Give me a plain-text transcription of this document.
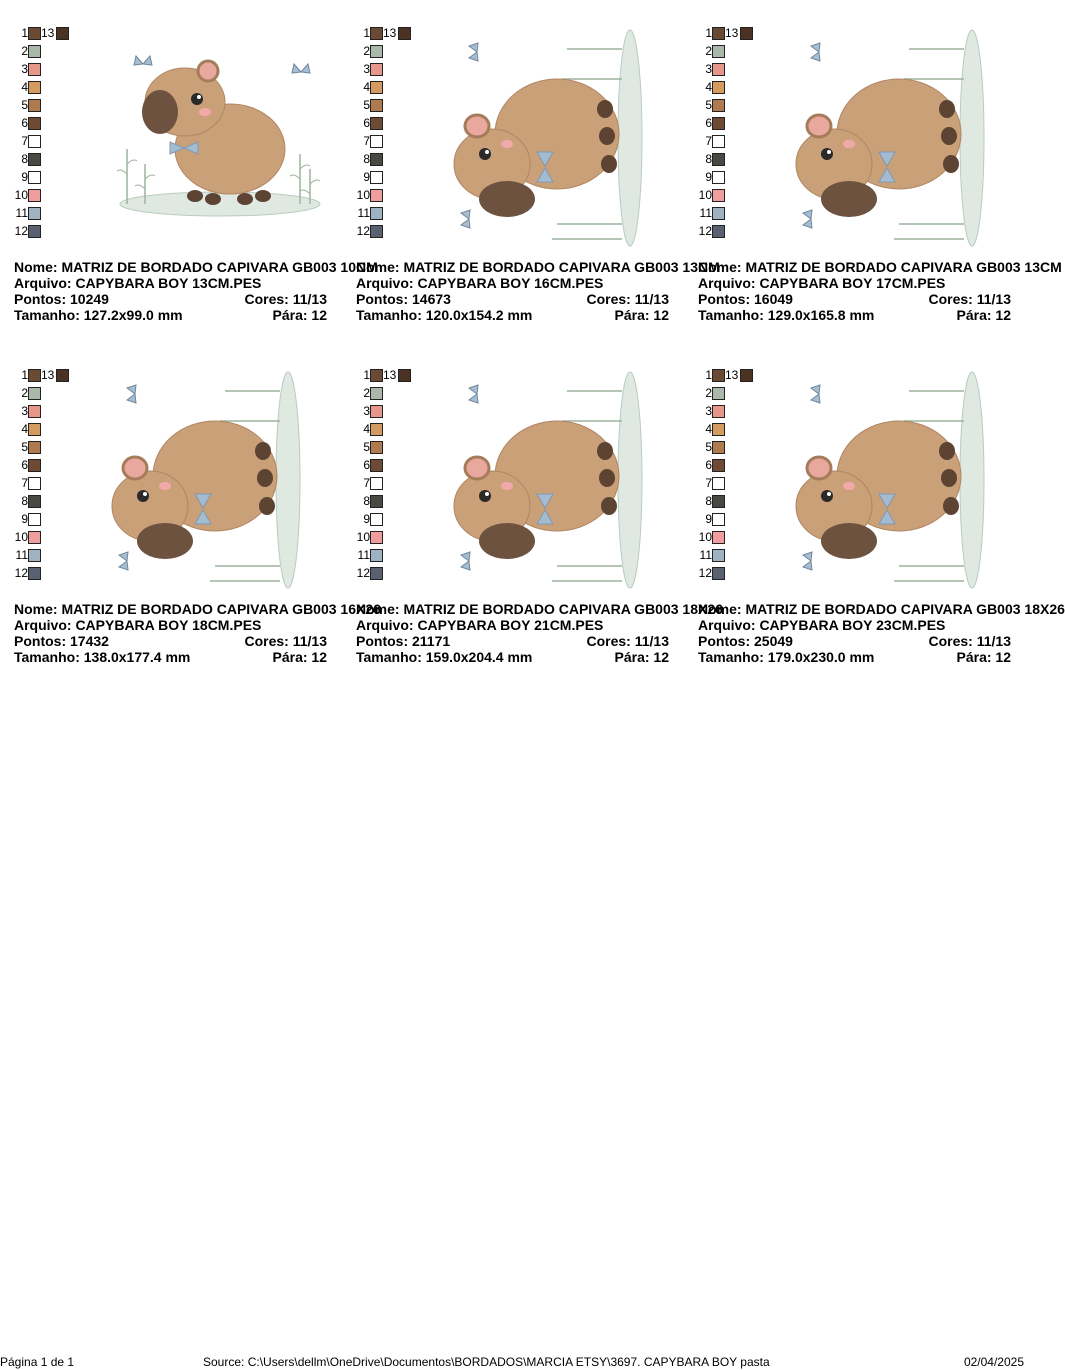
1 13
2
3
4
5
6
7
8
9
10
11
12
Nome: MATRIZ DE BORDADO CAPIVARA GB003 10CM
Arquivo: CAPYBARA BOY 13CM.PES
Pontos: 10249	Cores: 11/13
Tamanho: 127.2x99.0 mm	Pára: 12
1 13
2
3
4
5
6
7
8
9
10
11
12
Nome: MATRIZ DE BORDADO CAPIVARA GB003 13CM
Arquivo: CAPYBARA BOY 16CM.PES
Pontos: 14673	Cores: 11/13
Tamanho: 120.0x154.2 mm	Pára: 12
1 13
2
3
4
5
6
7
8
9
10
11
12
Nome: MATRIZ DE BORDADO CAPIVARA GB003 13CM
Arquivo: CAPYBARA BOY 17CM.PES
Pontos: 16049	Cores: 11/13
Tamanho: 129.0x165.8 mm	Pára: 12
1 13
2
3
4
5
6
7
8
9
10
11
12
Nome: MATRIZ DE BORDADO CAPIVARA GB003 16X26
Arquivo: CAPYBARA BOY 18CM.PES
Pontos: 17432	Cores: 11/13
Tamanho: 138.0x177.4 mm	Pára: 12
1 13
2
3
4
5
6
7
8
9
10
11
12
Nome: MATRIZ DE BORDADO CAPIVARA GB003 18X26
Arquivo: CAPYBARA BOY 21CM.PES
Pontos: 21171	Cores: 11/13
Tamanho: 159.0x204.4 mm	Pára: 12
1 13
2
3
4
5
6
7
8
9
10
11
12
Nome: MATRIZ DE BORDADO CAPIVARA GB003 18X26
Arquivo: CAPYBARA BOY 23CM.PES
Pontos: 25049	Cores: 11/13
Tamanho: 179.0x230.0 mm	Pára: 12
Página 1 de 1	Source: C:\Users\dellm\OneDrive\Documentos\BORDADOS\MARCIA ETSY\3697. CAPYBARA BOY pasta	02/04/2025
